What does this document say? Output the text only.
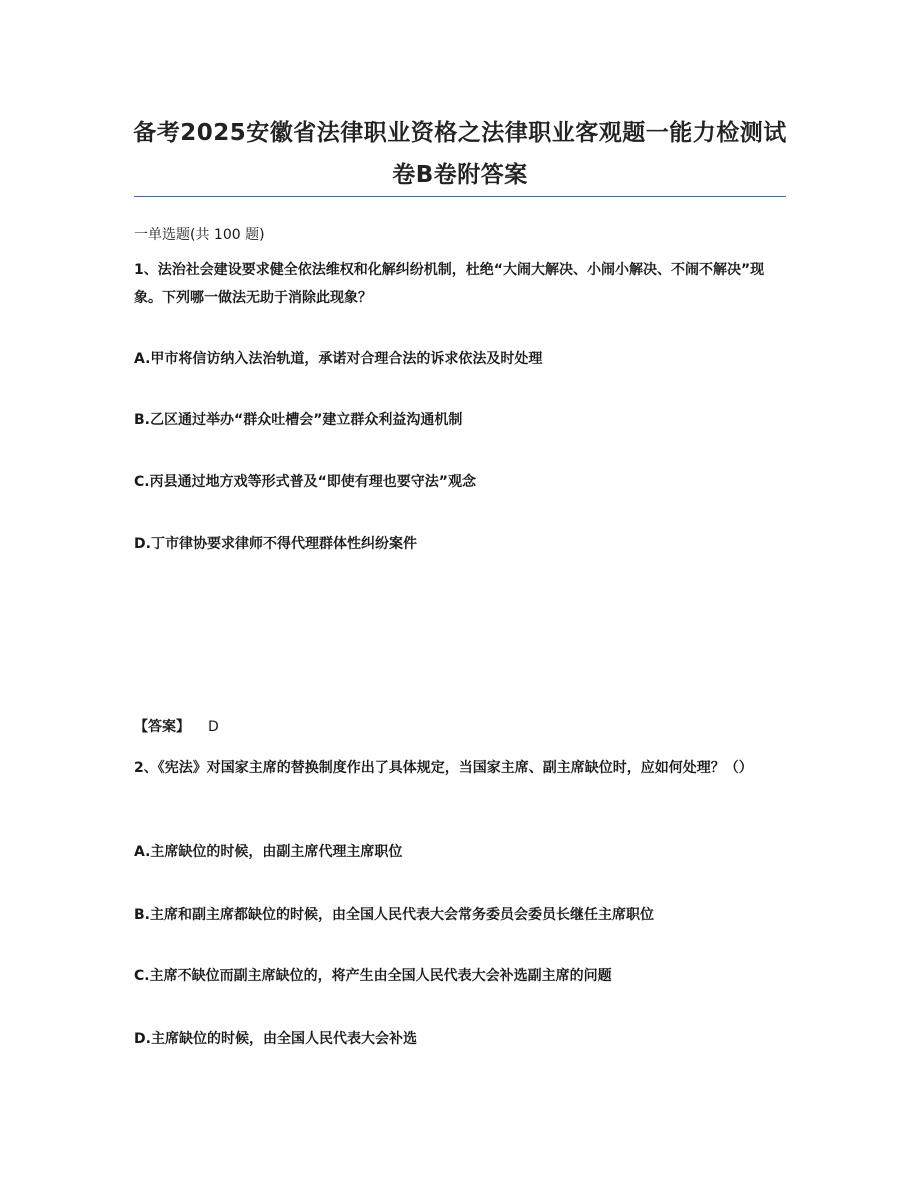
备考2025安徽省法律职业资格之法律职业客观题一能力检测试卷B卷附答案
一单选题(共 100 题)
1、法治社会建设要求健全依法维权和化解纠纷机制，杜绝“大闹大解决、小闹小解决、不闹不解决”现象。下列哪一做法无助于消除此现象？
A.甲市将信访纳入法治轨道，承诺对合理合法的诉求依法及时处理
B.乙区通过举办“群众吐槽会”建立群众利益沟通机制
C.丙县通过地方戏等形式普及“即使有理也要守法”观念
D.丁市律协要求律师不得代理群体性纠纷案件
【答案】 D
2、《宪法》对国家主席的替换制度作出了具体规定，当国家主席、副主席缺位时，应如何处理？（）
A.主席缺位的时候，由副主席代理主席职位
B.主席和副主席都缺位的时候，由全国人民代表大会常务委员会委员长继任主席职位
C.主席不缺位而副主席缺位的，将产生由全国人民代表大会补选副主席的问题
D.主席缺位的时候，由全国人民代表大会补选
